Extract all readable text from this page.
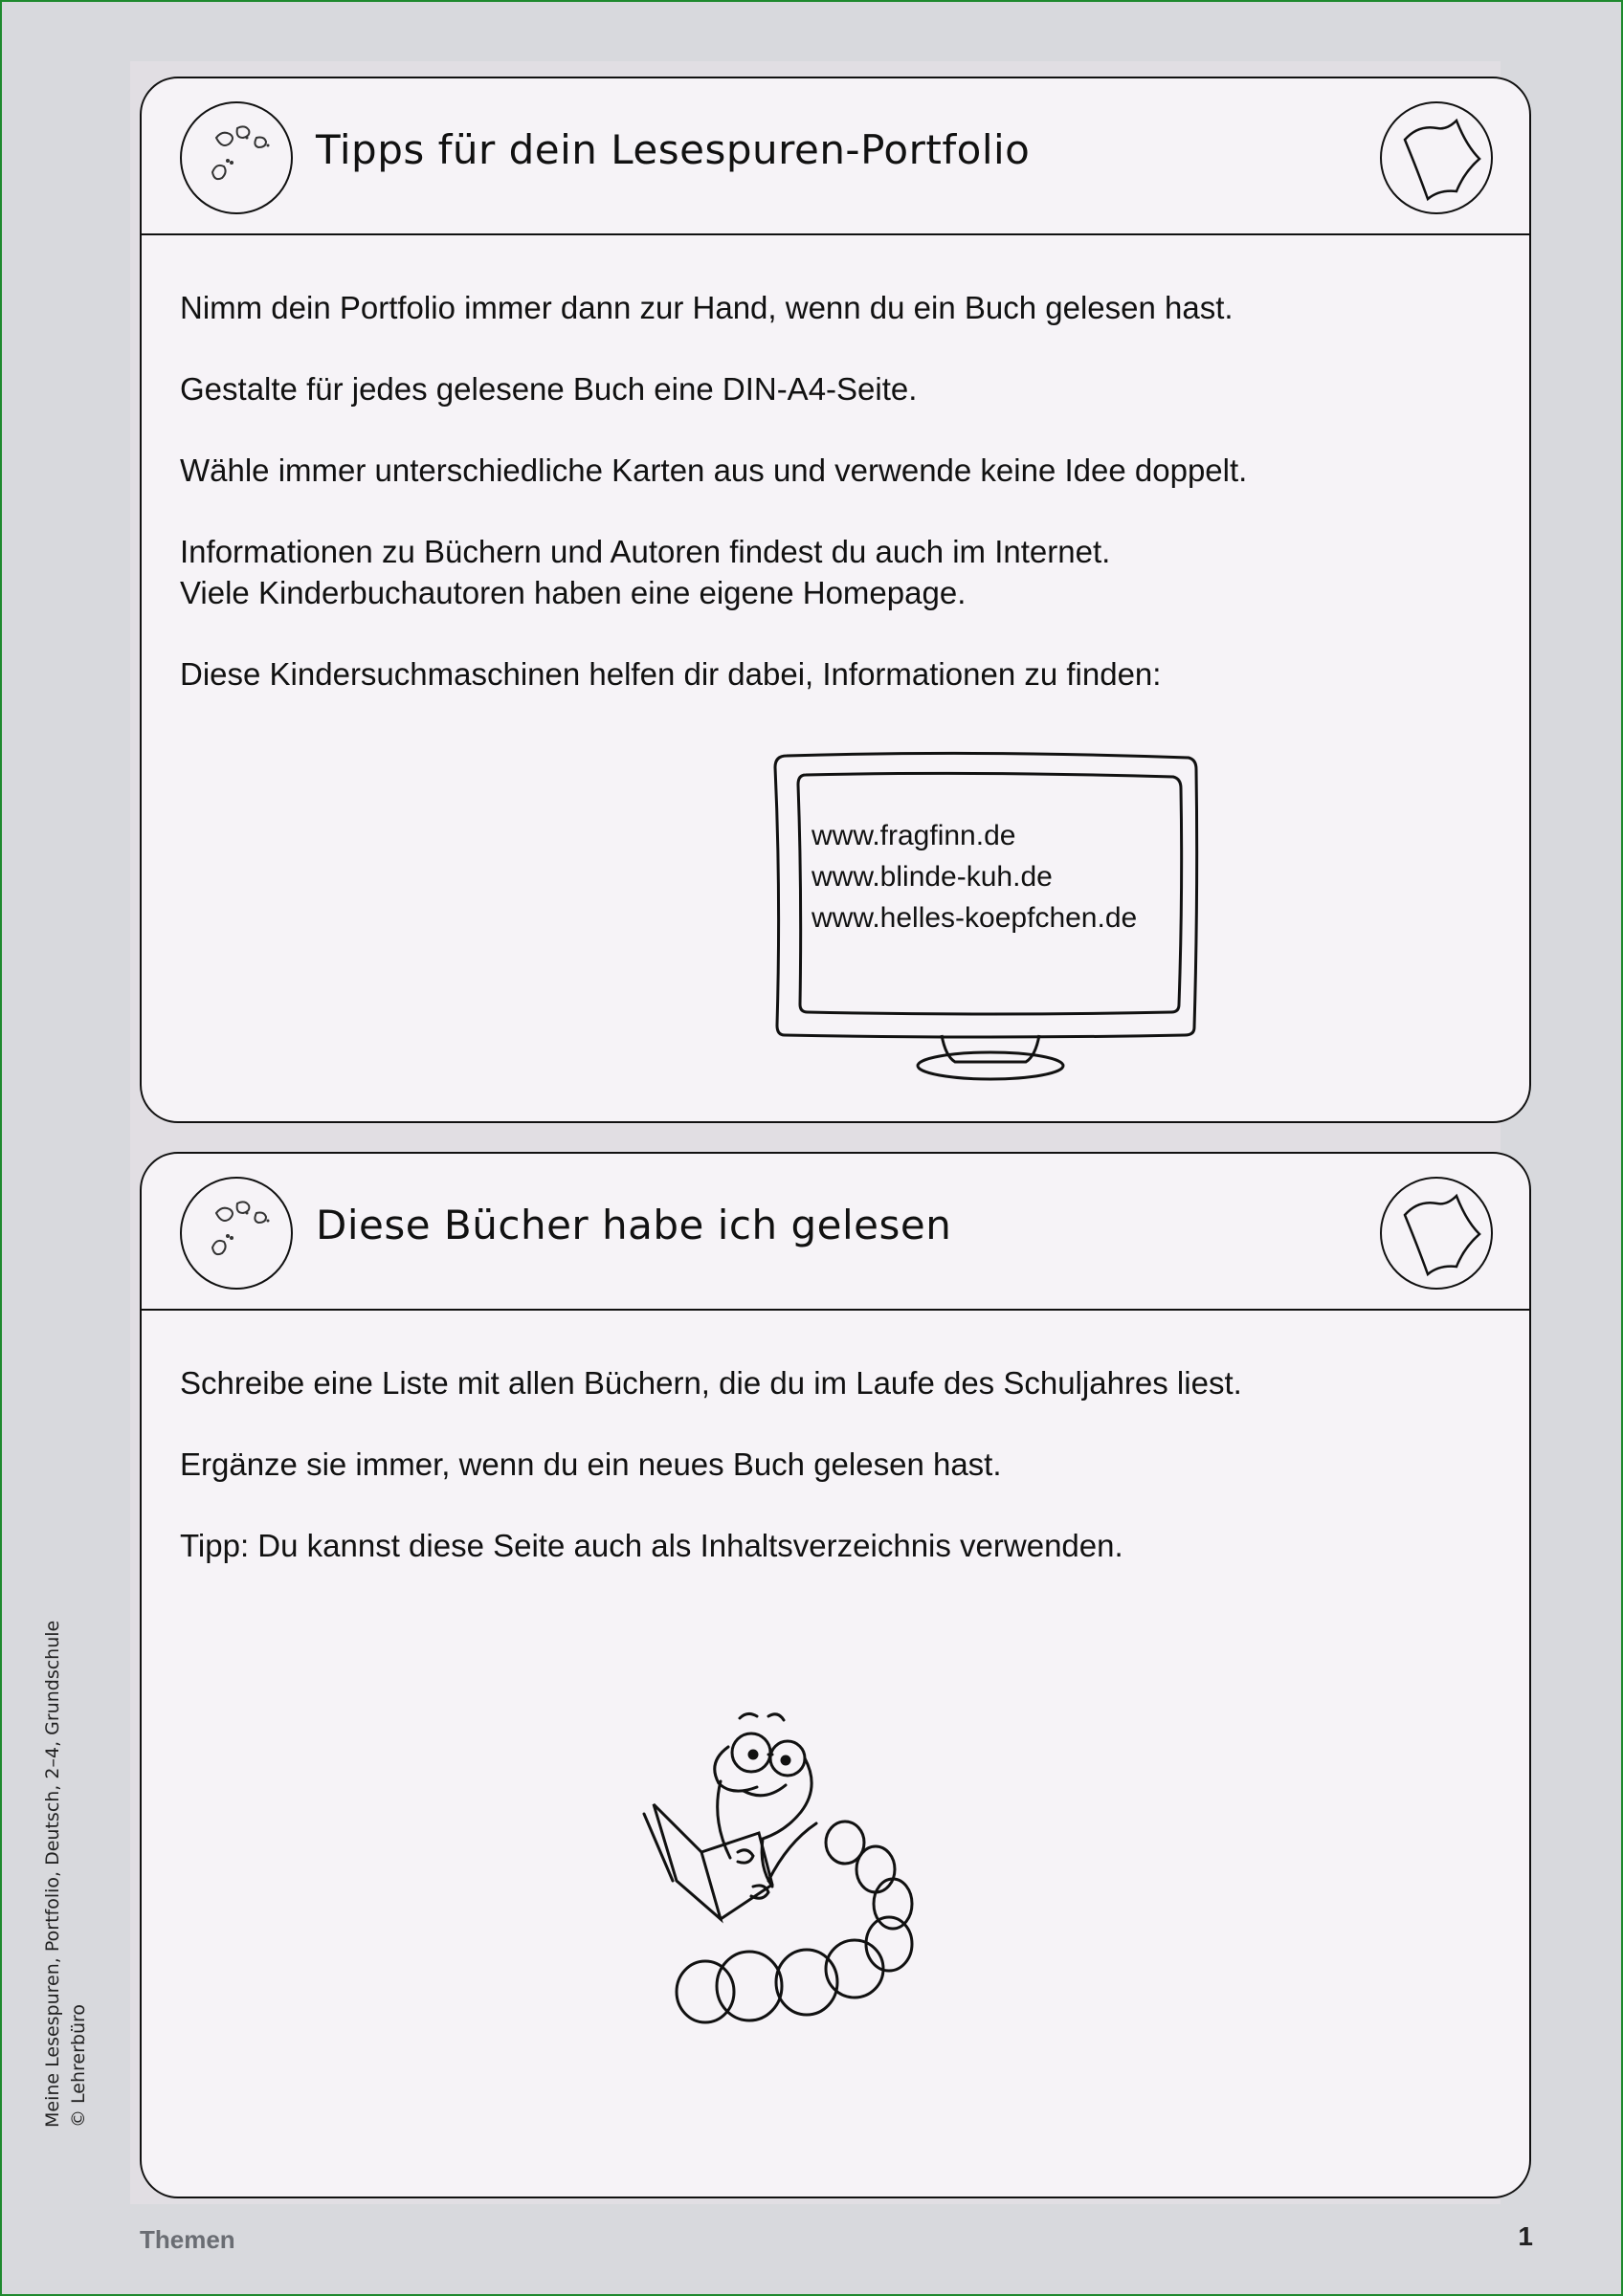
Tipps für dein Lesespuren-Portfolio

Nimm dein Portfolio immer dann zur Hand, wenn du ein Buch gelesen hast.

Gestalte für jedes gelesene Buch eine DIN-A4-Seite.

Wähle immer unterschiedliche Karten aus und verwende keine Idee doppelt.

Informationen zu Büchern und Autoren findest du auch im Internet.

Viele Kinderbuchautoren haben eine eigene Homepage.

Diese Kindersuchmaschinen helfen dir dabei, Informationen zu finden:

www.fragfinn.de
www.blinde-kuh.de
www.helles-koepfchen.de
Diese Bücher habe ich gelesen

Schreibe eine Liste mit allen Büchern, die du im Laufe des Schuljahres liest.

Ergänze sie immer, wenn du ein neues Buch gelesen hast.

Tipp: Du kannst diese Seite auch als Inhaltsverzeichnis verwenden.

Meine Lesespuren, Portfolio, Deutsch, 2–4, Grundschule © Lehrerbüro
Themen	1
